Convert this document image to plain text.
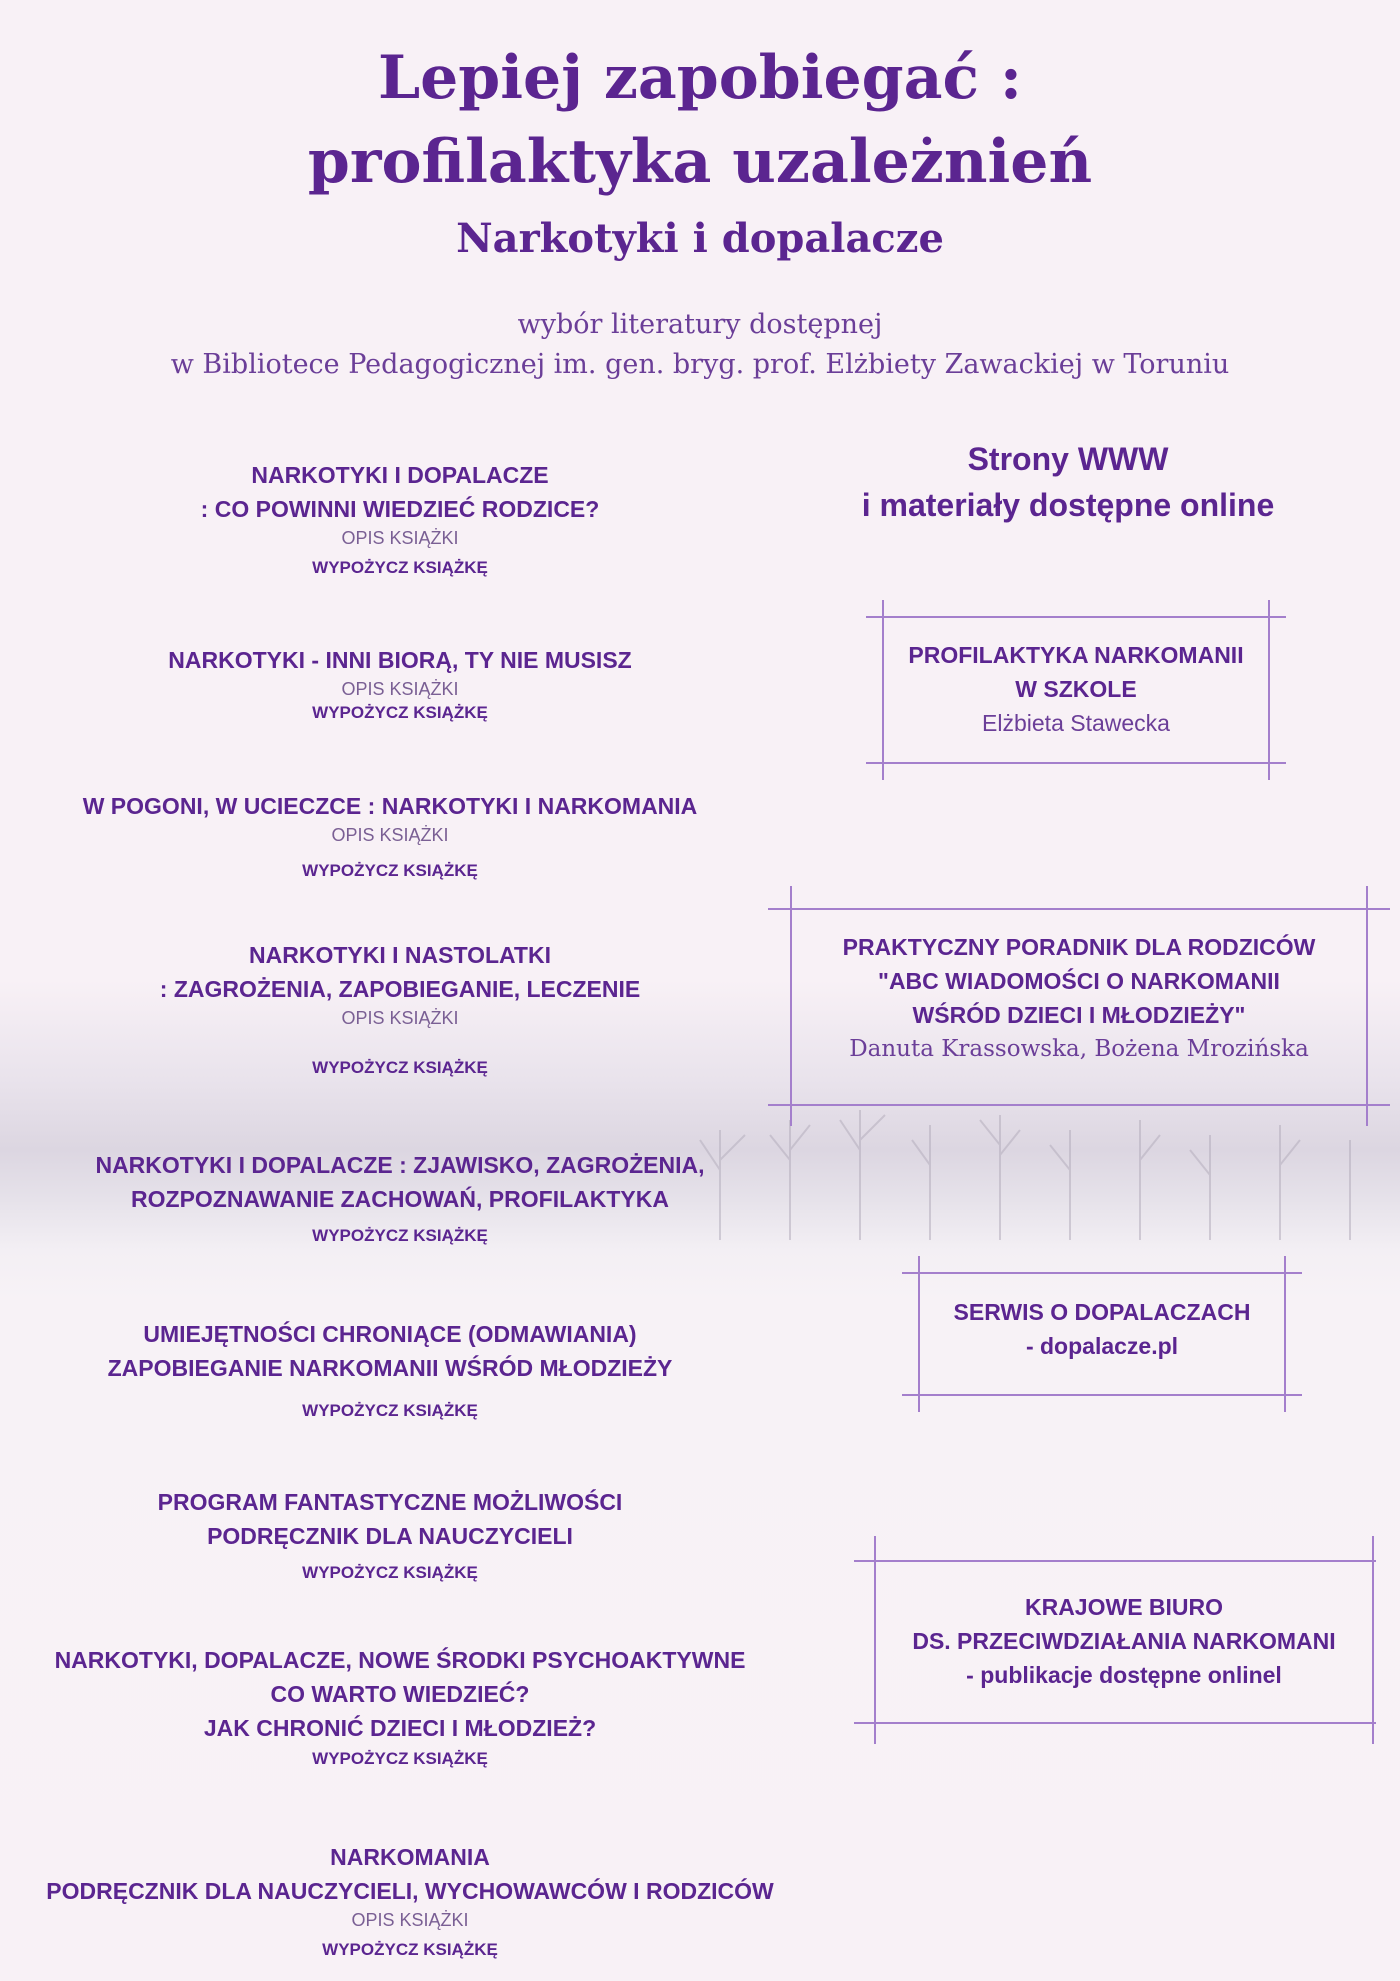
Lepiej zapobiegać :
profilaktyka uzależnień
Narkotyki i dopalacze
wybór literatury dostępnej
w Bibliotece Pedagogicznej im. gen. bryg. prof. Elżbiety Zawackiej w Toruniu
NARKOTYKI I DOPALACZE
: CO POWINNI WIEDZIEĆ RODZICE?
OPIS KSIĄŻKI
WYPOŻYCZ KSIĄŻKĘ
NARKOTYKI - INNI BIORĄ, TY NIE MUSISZ
OPIS KSIĄŻKI
WYPOŻYCZ KSIĄŻKĘ
W POGONI, W UCIECZCE : NARKOTYKI I NARKOMANIA
OPIS KSIĄŻKI
WYPOŻYCZ KSIĄŻKĘ
NARKOTYKI I NASTOLATKI
: ZAGROŻENIA, ZAPOBIEGANIE, LECZENIE
OPIS KSIĄŻKI
WYPOŻYCZ KSIĄŻKĘ
NARKOTYKI I DOPALACZE : ZJAWISKO, ZAGROŻENIA,
ROZPOZNAWANIE ZACHOWAŃ, PROFILAKTYKA
WYPOŻYCZ KSIĄŻKĘ
UMIEJĘTNOŚCI CHRONIĄCE (ODMAWIANIA)
ZAPOBIEGANIE NARKOMANII WŚRÓD MŁODZIEŻY
WYPOŻYCZ KSIĄŻKĘ
PROGRAM FANTASTYCZNE MOŻLIWOŚCI
PODRĘCZNIK DLA NAUCZYCIELI
WYPOŻYCZ KSIĄŻKĘ
NARKOTYKI, DOPALACZE, NOWE ŚRODKI PSYCHOAKTYWNE
CO WARTO WIEDZIEĆ?
JAK CHRONIĆ DZIECI I MŁODZIEŻ?
WYPOŻYCZ KSIĄŻKĘ
NARKOMANIA
PODRĘCZNIK DLA NAUCZYCIELI, WYCHOWAWCÓW I RODZICÓW
OPIS KSIĄŻKI
WYPOŻYCZ KSIĄŻKĘ
Strony WWW
i materiały dostępne online
PROFILAKTYKA NARKOMANII
W SZKOLE
Elżbieta Stawecka
PRAKTYCZNY PORADNIK DLA RODZICÓW
"ABC WIADOMOŚCI O NARKOMANII
WŚRÓD DZIECI I MŁODZIEŻY"
Danuta Krassowska, Bożena Mrozińska
SERWIS O DOPALACZACH
- dopalacze.pl
KRAJOWE BIURO
DS. PRZECIWDZIAŁANIA NARKOMANI
- publikacje dostępne onlinel
